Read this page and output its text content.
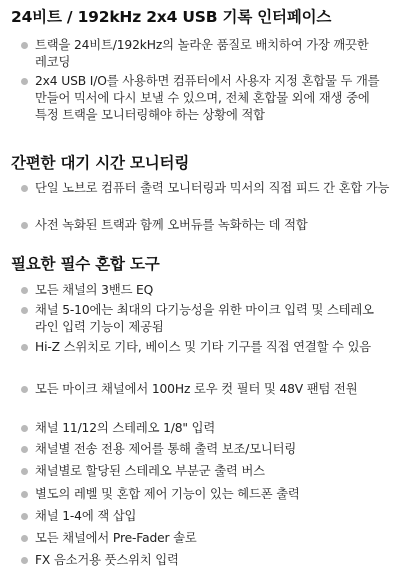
24비트 / 192kHz 2x4 USB 기록 인터페이스

트랙을 24비트/192kHz의 놀라운 품질로 배치하여 가장 깨끗한 레코딩

2x4 USB I/O를 사용하면 컴퓨터에서 사용자 지정 혼합물 두 개를 만들어 믹서에 다시 보낼 수 있으며, 전체 혼합물 외에 재생 중에 특정 트랙을 모니터링해야 하는 상황에 적합

간편한 대기 시간 모니터링

단일 노브로 컴퓨터 출력 모니터링과 믹서의 직접 피드 간 혼합 가능

사전 녹화된 트랙과 함께 오버듀를 녹화하는 데 적합

필요한 필수 혼합 도구

모든 채널의 3밴드 EQ

채널 5-10에는 최대의 다기능성을 위한 마이크 입력 및 스테레오 라인 입력 기능이 제공됨

Hi-Z 스위치로 기타, 베이스 및 기타 기구를 직접 연결할 수 있음

모든 마이크 채널에서 100Hz 로우 컷 필터 및 48V 팬텀 전원

채널 11/12의 스테레오 1/8" 입력

채널별 전송 전용 제어를 통해 출력 보조/모니터링

채널별로 할당된 스테레오 부분군 출력 버스

별도의 레벨 및 혼합 제어 기능이 있는 헤드폰 출력

채널 1-4에 잭 삽입

모든 채널에서 Pre-Fader 솔로

FX 음소거용 풋스위치 입력
